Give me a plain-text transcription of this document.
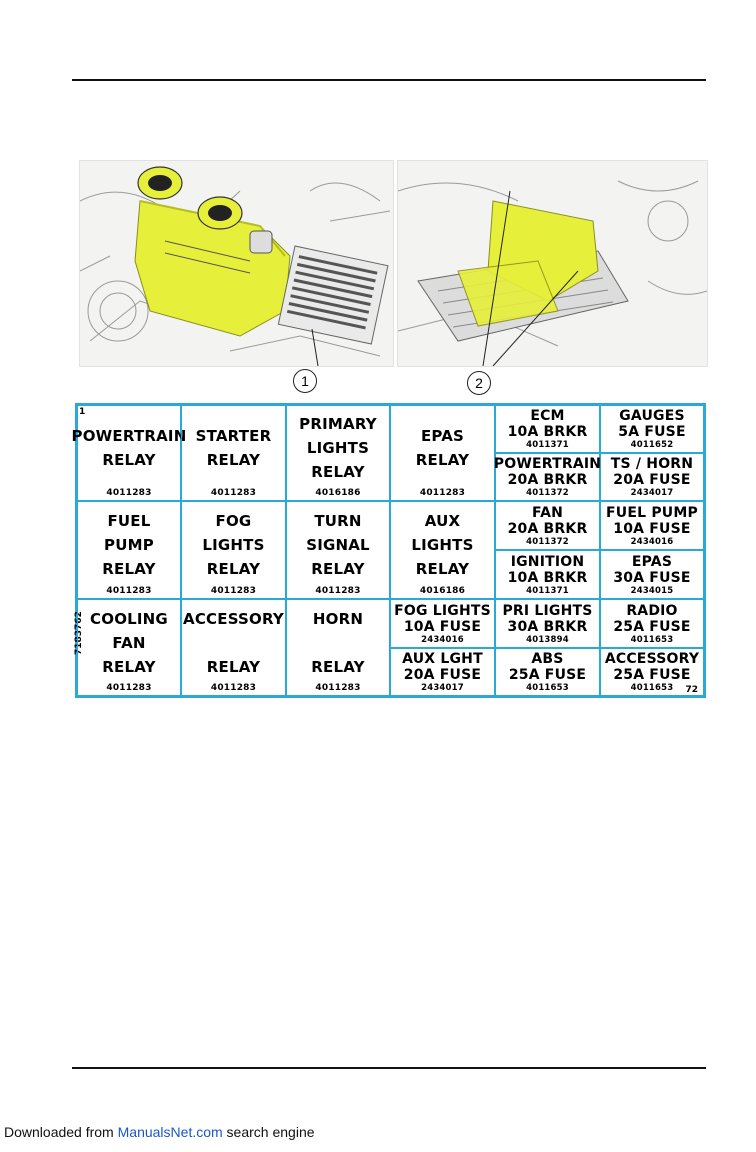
1	2
1
7183762
72
POWERTRAIN
RELAY
4011283
STARTER
RELAY
4011283
PRIMARY
LIGHTS
RELAY
4016186
EPAS
RELAY
4011283
ECM
10A BRKR
4011371
GAUGES
5A FUSE
4011652
POWERTRAIN
20A BRKR
4011372
TS / HORN
20A FUSE
2434017
FUEL
PUMP
RELAY
4011283
FOG
LIGHTS
RELAY
4011283
TURN
SIGNAL
RELAY
4011283
AUX
LIGHTS
RELAY
4016186
FAN
20A BRKR
4011372
FUEL PUMP
10A FUSE
2434016
IGNITION
10A BRKR
4011371
EPAS
30A FUSE
2434015
COOLING
FAN
RELAY
4011283
ACCESSORY

RELAY
4011283
HORN

RELAY
4011283
FOG LIGHTS
10A FUSE
2434016
PRI LIGHTS
30A BRKR
4013894
RADIO
25A FUSE
4011653
AUX LGHT
20A FUSE
2434017
ABS
25A FUSE
4011653
ACCESSORY
25A FUSE
4011653
Downloaded from ManualsNet.com search engine
